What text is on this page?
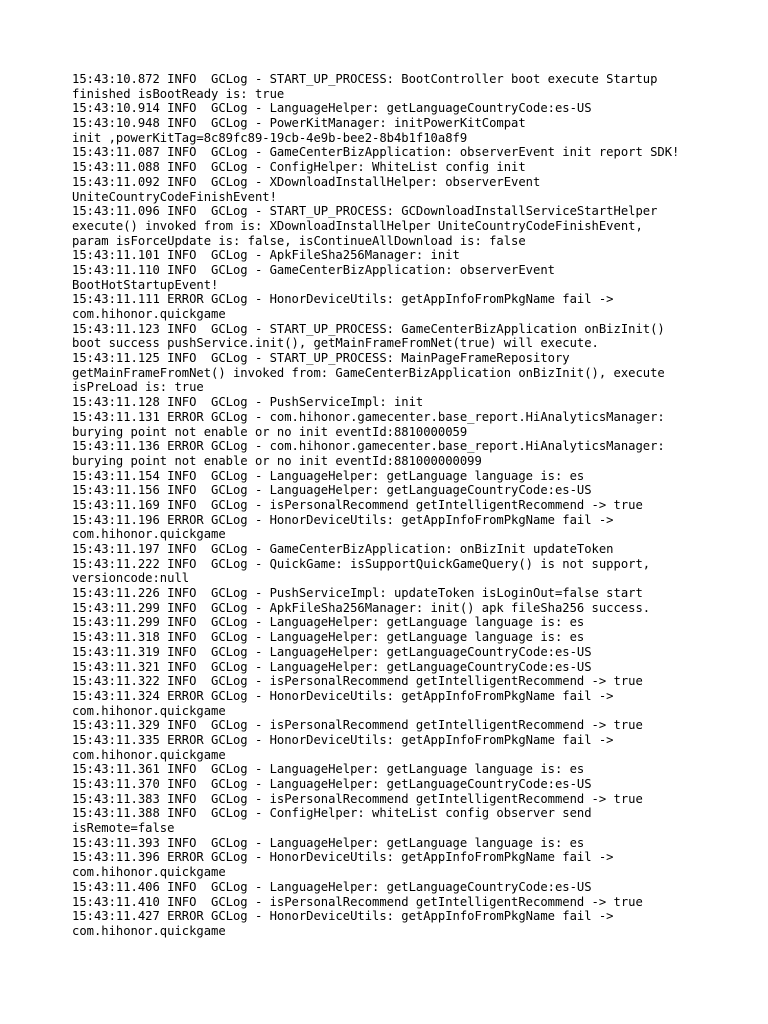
15:43:10.872 INFO  GCLog - START_UP_PROCESS: BootController boot execute Startup
finished isBootReady is: true
15:43:10.914 INFO  GCLog - LanguageHelper: getLanguageCountryCode:es-US
15:43:10.948 INFO  GCLog - PowerKitManager: initPowerKitCompat
init ,powerKitTag=8c89fc89-19cb-4e9b-bee2-8b4b1f10a8f9
15:43:11.087 INFO  GCLog - GameCenterBizApplication: observerEvent init report SDK!
15:43:11.088 INFO  GCLog - ConfigHelper: WhiteList config init
15:43:11.092 INFO  GCLog - XDownloadInstallHelper: observerEvent
UniteCountryCodeFinishEvent!
15:43:11.096 INFO  GCLog - START_UP_PROCESS: GCDownloadInstallServiceStartHelper
execute() invoked from is: XDownloadInstallHelper UniteCountryCodeFinishEvent,
param isForceUpdate is: false, isContinueAllDownload is: false
15:43:11.101 INFO  GCLog - ApkFileSha256Manager: init
15:43:11.110 INFO  GCLog - GameCenterBizApplication: observerEvent
BootHotStartupEvent!
15:43:11.111 ERROR GCLog - HonorDeviceUtils: getAppInfoFromPkgName fail ->
com.hihonor.quickgame
15:43:11.123 INFO  GCLog - START_UP_PROCESS: GameCenterBizApplication onBizInit()
boot success pushService.init(), getMainFrameFromNet(true) will execute.
15:43:11.125 INFO  GCLog - START_UP_PROCESS: MainPageFrameRepository
getMainFrameFromNet() invoked from: GameCenterBizApplication onBizInit(), execute
isPreLoad is: true
15:43:11.128 INFO  GCLog - PushServiceImpl: init
15:43:11.131 ERROR GCLog - com.hihonor.gamecenter.base_report.HiAnalyticsManager:
burying point not enable or no init eventId:8810000059
15:43:11.136 ERROR GCLog - com.hihonor.gamecenter.base_report.HiAnalyticsManager:
burying point not enable or no init eventId:881000000099
15:43:11.154 INFO  GCLog - LanguageHelper: getLanguage language is: es
15:43:11.156 INFO  GCLog - LanguageHelper: getLanguageCountryCode:es-US
15:43:11.169 INFO  GCLog - isPersonalRecommend getIntelligentRecommend -> true
15:43:11.196 ERROR GCLog - HonorDeviceUtils: getAppInfoFromPkgName fail ->
com.hihonor.quickgame
15:43:11.197 INFO  GCLog - GameCenterBizApplication: onBizInit updateToken
15:43:11.222 INFO  GCLog - QuickGame: isSupportQuickGameQuery() is not support,
versioncode:null
15:43:11.226 INFO  GCLog - PushServiceImpl: updateToken isLoginOut=false start
15:43:11.299 INFO  GCLog - ApkFileSha256Manager: init() apk fileSha256 success.
15:43:11.299 INFO  GCLog - LanguageHelper: getLanguage language is: es
15:43:11.318 INFO  GCLog - LanguageHelper: getLanguage language is: es
15:43:11.319 INFO  GCLog - LanguageHelper: getLanguageCountryCode:es-US
15:43:11.321 INFO  GCLog - LanguageHelper: getLanguageCountryCode:es-US
15:43:11.322 INFO  GCLog - isPersonalRecommend getIntelligentRecommend -> true
15:43:11.324 ERROR GCLog - HonorDeviceUtils: getAppInfoFromPkgName fail ->
com.hihonor.quickgame
15:43:11.329 INFO  GCLog - isPersonalRecommend getIntelligentRecommend -> true
15:43:11.335 ERROR GCLog - HonorDeviceUtils: getAppInfoFromPkgName fail ->
com.hihonor.quickgame
15:43:11.361 INFO  GCLog - LanguageHelper: getLanguage language is: es
15:43:11.370 INFO  GCLog - LanguageHelper: getLanguageCountryCode:es-US
15:43:11.383 INFO  GCLog - isPersonalRecommend getIntelligentRecommend -> true
15:43:11.388 INFO  GCLog - ConfigHelper: whiteList config observer send
isRemote=false
15:43:11.393 INFO  GCLog - LanguageHelper: getLanguage language is: es
15:43:11.396 ERROR GCLog - HonorDeviceUtils: getAppInfoFromPkgName fail ->
com.hihonor.quickgame
15:43:11.406 INFO  GCLog - LanguageHelper: getLanguageCountryCode:es-US
15:43:11.410 INFO  GCLog - isPersonalRecommend getIntelligentRecommend -> true
15:43:11.427 ERROR GCLog - HonorDeviceUtils: getAppInfoFromPkgName fail ->
com.hihonor.quickgame
